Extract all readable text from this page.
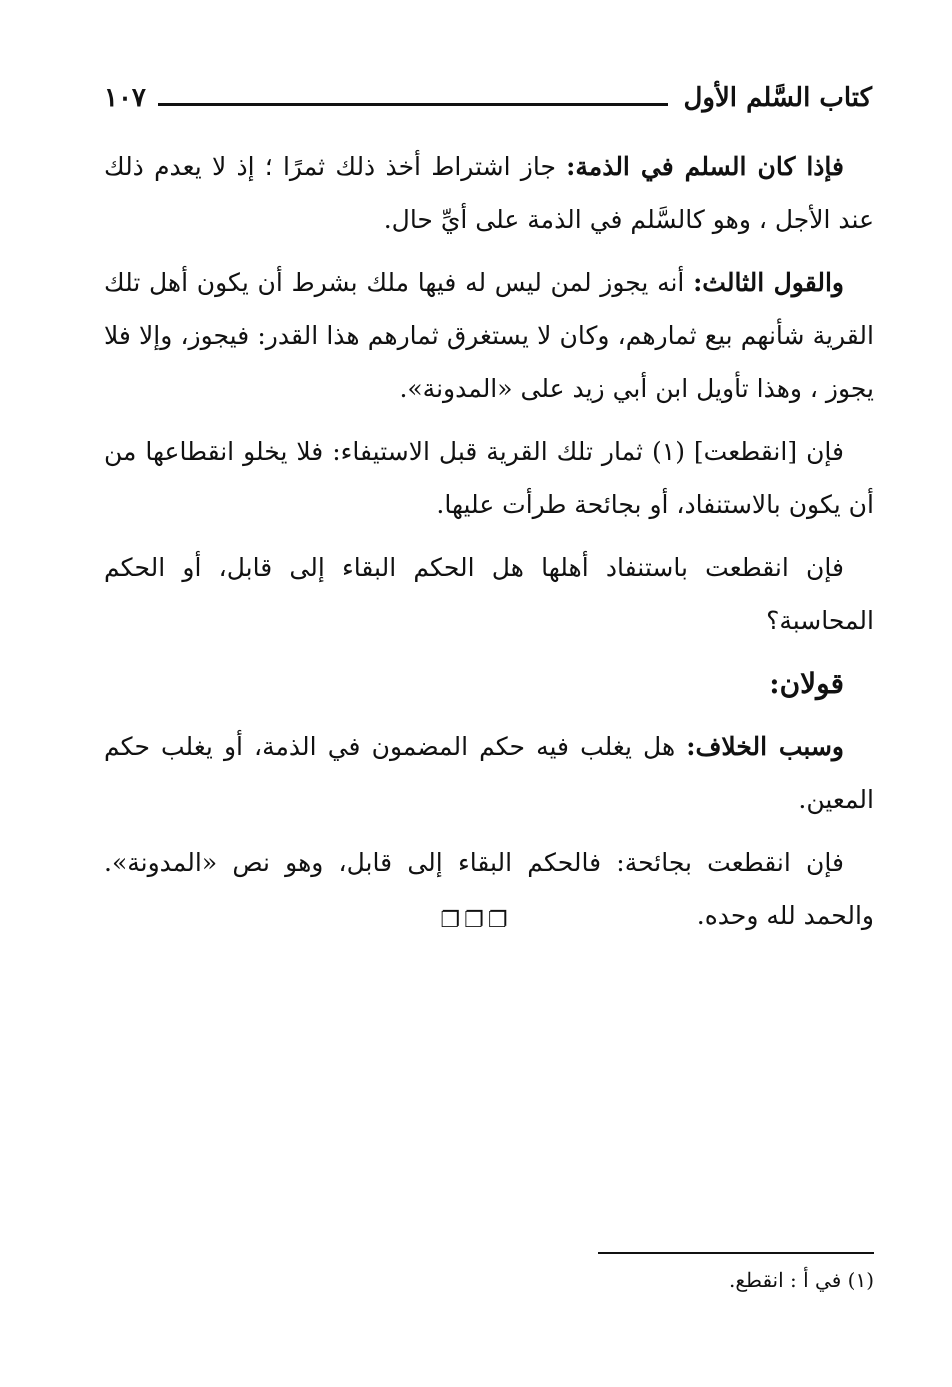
كتاب السَّلم الأول
١٠٧

فإذا كان السلم في الذمة: جاز اشتراط أخذ ذلك ثمرًا ؛ إذ لا يعدم ذلك عند الأجل ، وهو كالسَّلم في الذمة على أيِّ حال.

والقول الثالث: أنه يجوز لمن ليس له فيها ملك بشرط أن يكون أهل تلك القرية شأنهم بيع ثمارهم، وكان لا يستغرق ثمارهم هذا القدر: فيجوز، وإلا فلا يجوز ، وهذا تأويل ابن أبي زيد على «المدونة».

فإن [انقطعت] (١) ثمار تلك القرية قبل الاستيفاء: فلا يخلو انقطاعها من أن يكون بالاستنفاد، أو بجائحة طرأت عليها.

فإن انقطعت باستنفاد أهلها هل الحكم البقاء إلى قابل، أو الحكم المحاسبة؟

قولان:

وسبب الخلاف: هل يغلب فيه حكم المضمون في الذمة، أو يغلب حكم المعين.

فإن انقطعت بجائحة: فالحكم البقاء إلى قابل، وهو نص «المدونة». والحمد لله وحده.

❐❐❐
(١) في أ : انقطع.
